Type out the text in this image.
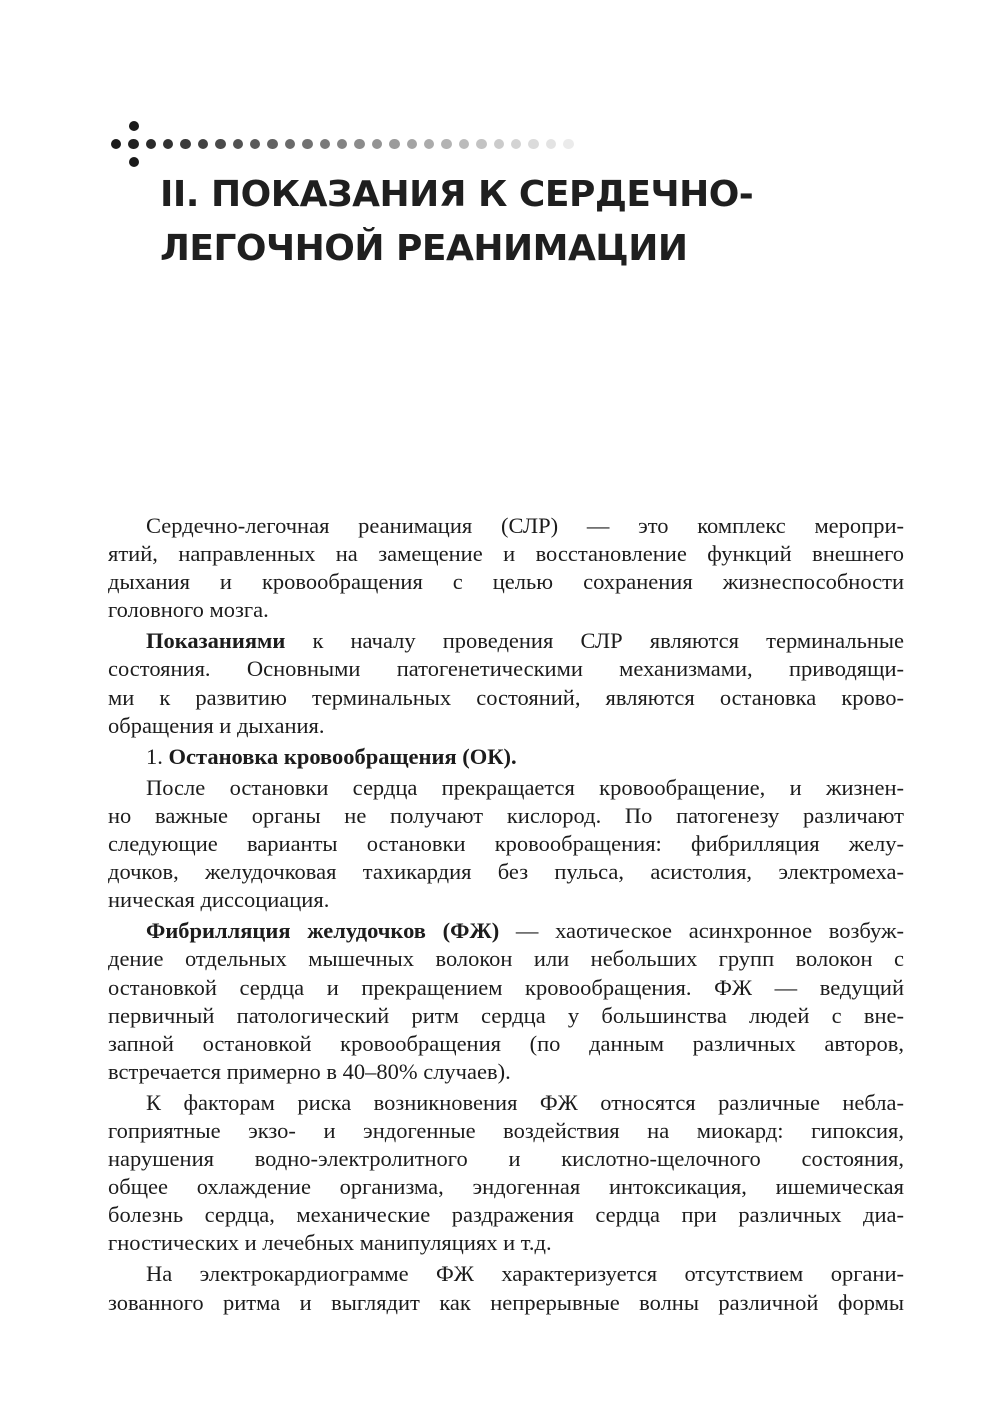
II. ПОКАЗАНИЯ К СЕРДЕЧНО-
ЛЕГОЧНОЙ РЕАНИМАЦИИ
Сердечно-легочная реанимация (СЛР) — это комплекс меропри-
ятий, направленных на замещение и восстановление функций внешнего
дыхания и кровообращения с целью сохранения жизнеспособности
головного мозга.
Показаниями к началу проведения СЛР являются терминальные
состояния. Основными патогенетическими механизмами, приводящи-
ми к развитию терминальных состояний, являются остановка крово-
обращения и дыхания.
1. Остановка кровообращения (ОК).
После остановки сердца прекращается кровообращение, и жизнен-
но важные органы не получают кислород. По патогенезу различают
следующие варианты остановки кровообращения: фибрилляция желу-
дочков, желудочковая тахикардия без пульса, асистолия, электромеха-
ническая диссоциация.
Фибрилляция желудочков (ФЖ) — хаотическое асинхронное возбуж-
дение отдельных мышечных волокон или небольших групп волокон с
остановкой сердца и прекращением кровообращения. ФЖ — ведущий
первичный патологический ритм сердца у большинства людей с вне-
запной остановкой кровообращения (по данным различных авторов,
встречается примерно в 40–80% случаев).
К факторам риска возникновения ФЖ относятся различные небла-
гоприятные экзо- и эндогенные воздействия на миокард: гипоксия,
нарушения водно-электролитного и кислотно-щелочного состояния,
общее охлаждение организма, эндогенная интоксикация, ишемическая
болезнь сердца, механические раздражения сердца при различных диа-
гностических и лечебных манипуляциях и т.д.
На электрокардиограмме ФЖ характеризуется отсутствием органи-
зованного ритма и выглядит как непрерывные волны различной формы
